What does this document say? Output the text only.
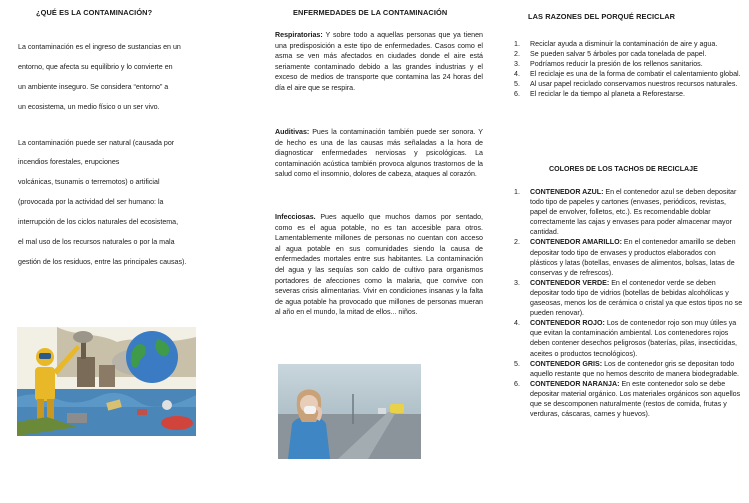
¿QUÉ ES LA CONTAMINACIÓN?
La contaminación es el ingreso de sustancias en un
entorno, que afecta su equilibrio y lo convierte en
un ambiente inseguro. Se considera “entorno” a
un ecosistema, un medio físico o un ser vivo.
La contaminación puede ser natural (causada por
incendios forestales, erupciones
volcánicas, tsunamis o terremotos) o artificial
(provocada por la actividad del ser humano: la
interrupción de los ciclos naturales del ecosistema,
el mal uso de los recursos naturales o por la mala
gestión de los residuos, entre las principales causas).
ENFERMEDADES DE LA CONTAMINACIÓN
Respiratorias: Y sobre todo a aquellas personas que ya tienen una predisposición a este tipo de enfermedades. Casos como el asma se ven más afectados en ciudades donde el aire está seriamente contaminado debido a las grandes industrias y el exceso de medios de transporte que contamina las 24 horas del día el aire que se respira.
Auditivas: Pues la contaminación también puede ser sonora. Y de hecho es una de las causas más señaladas a la hora de diagnosticar enfermedades nerviosas y psicológicas. La contaminación acústica también provoca algunos trastornos de la salud como el insomnio, dolores de cabeza, ataques al corazón.
Infecciosas. Pues aquello que muchos damos por sentado, como es el agua potable, no es tan accesible para otros. Lamentablemente millones de personas no cuentan con acceso al agua potable en sus comunidades siendo la causa de enfermedades mortales entre sus habitantes. La contaminación del agua y las sequías son caldo de cultivo para organismos portadores de afecciones como la malaria, que convive con severas crisis alimentarias. Vivir en condiciones insanas y la falta de agua potable ha provocado que millones de personas mueran al año en el mundo, la mitad de ellos... niños.
LAS RAZONES DEL PORQUÉ RECICLAR
1. Reciclar ayuda a disminuir la contaminación de aire y agua.
2. Se pueden salvar 5 árboles por cada tonelada de papel.
3. Podríamos reducir la presión de los rellenos sanitarios.
4. El reciclaje es una de la forma de combatir el calentamiento global.
5. Al usar papel reciclado conservamos nuestros recursos naturales.
6. El reciclar le da tiempo al planeta a Reforestarse.
COLORES DE LOS TACHOS DE RECICLAJE
1. CONTENEDOR AZUL: En el contenedor azul se deben depositar todo tipo de papeles y cartones (envases, periódicos, revistas, papel de envolver, folletos, etc.). Es recomendable doblar correctamente las cajas y envases para poder almacenar mayor cantidad.
2. CONTENEDOR AMARILLO: En el contenedor amarillo se deben depositar todo tipo de envases y productos elaborados con plásticos y latas (botellas, envases de alimentos, bolsas, latas de conservas y de refrescos).
3. CONTENEDOR VERDE: En el contenedor verde se deben depositar todo tipo de vidrios (botellas de bebidas alcohólicas y gaseosas, menos los de cerámica o cristal ya que estos tipos no se pueden renovar).
4. CONTENEDOR ROJO: Los de contenedor rojo son muy útiles ya que evitan la contaminación ambiental. Los contenedores rojos deben contener desechos peligrosos (baterías, pilas, insecticidas, aceites o productos tecnológicos).
5. CONTENEDOR GRIS: Los de contenedor gris se depositan todo aquello restante que no hemos descrito de manera biodegradable.
6. CONTENEDOR NARANJA: En este contenedor solo se debe depositar material orgánico. Los materiales orgánicos son aquellos que se descomponen naturalmente (restos de comida, frutas y verduras, cáscaras, carnes y huevos).
